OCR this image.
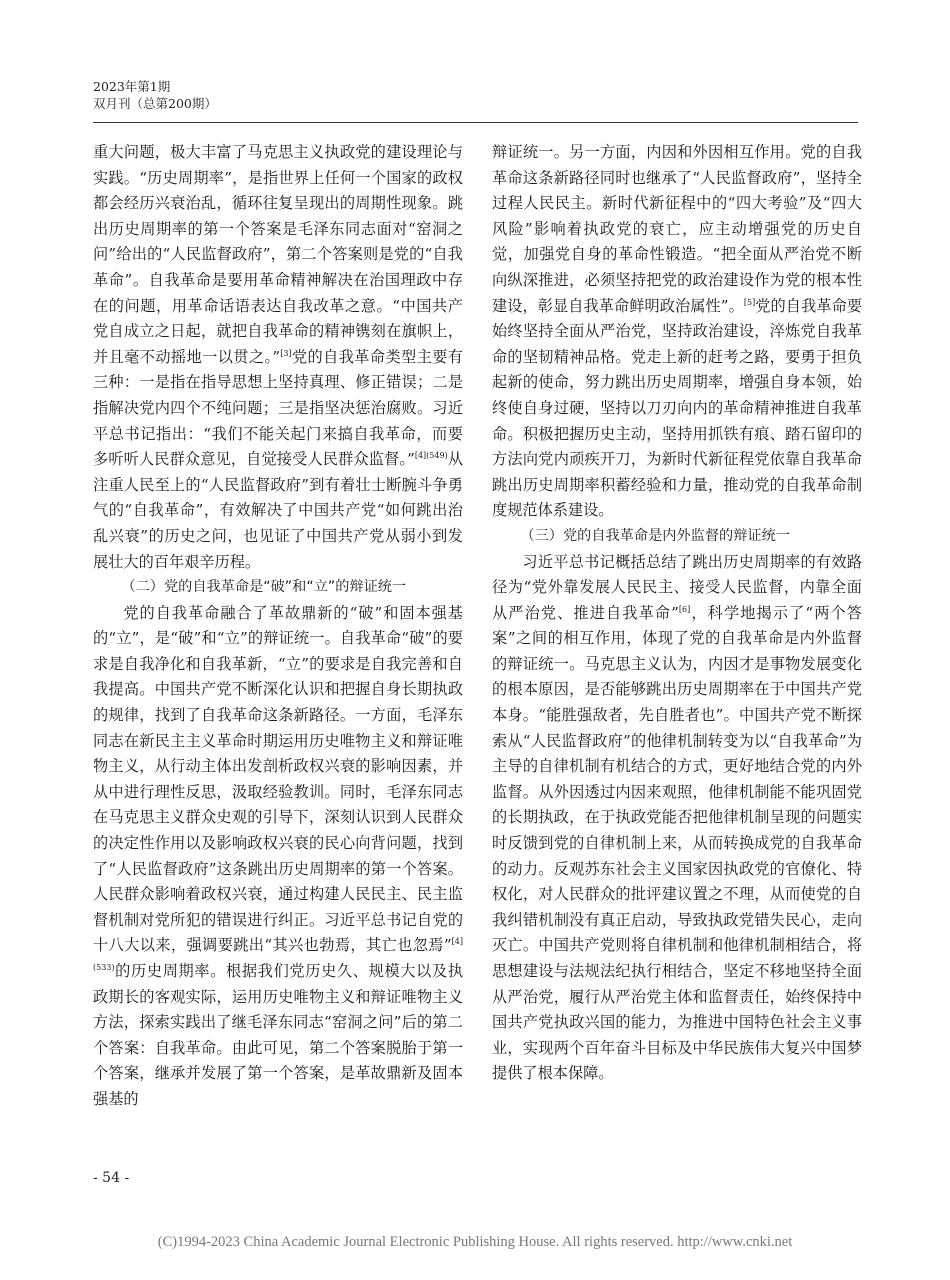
2023年第1期
双月刊（总第200期）

重大问题，极大丰富了马克思主义执政党的建设理论与实践。“历史周期率”，是指世界上任何一个国家的政权都会经历兴衰治乱，循环往复呈现出的周期性现象。跳出历史周期率的第一个答案是毛泽东同志面对“窑洞之问”给出的“人民监督政府”，第二个答案则是党的“自我革命”。自我革命是要用革命精神解决在治国理政中存在的问题，用革命话语表达自我改革之意。“中国共产党自成立之日起，就把自我革命的精神镌刻在旗帜上，并且毫不动摇地一以贯之。”[3]党的自我革命类型主要有三种：一是指在指导思想上坚持真理、修正错误；二是指解决党内四个不纯问题；三是指坚决惩治腐败。习近平总书记指出：“我们不能关起门来搞自我革命，而要多听听人民群众意见，自觉接受人民群众监督。”$^{[4](549)}$从注重人民至上的“人民监督政府”到有着壮士断腕斗争勇气的“自我革命”，有效解决了中国共产党“如何跳出治乱兴衰”的历史之问，也见证了中国共产党从弱小到发展壮大的百年艰辛历程。

（二）党的自我革命是“破”和“立”的辩证统一

党的自我革命融合了革故鼎新的“破”和固本强基的“立”，是“破”和“立”的辩证统一。自我革命“破”的要求是自我净化和自我革新，“立”的要求是自我完善和自我提高。中国共产党不断深化认识和把握自身长期执政的规律，找到了自我革命这条新路径。一方面，毛泽东同志在新民主主义革命时期运用历史唯物主义和辩证唯物主义，从行动主体出发剖析政权兴衰的影响因素，并从中进行理性反思，汲取经验教训。同时，毛泽东同志在马克思主义群众史观的引导下，深刻认识到人民群众的决定性作用以及影响政权兴衰的民心向背问题，找到了“人民监督政府”这条跳出历史周期率的第一个答案。人民群众影响着政权兴衰，通过构建人民民主、民主监督机制对党所犯的错误进行纠正。习近平总书记自党的十八大以来，强调要跳出“其兴也勃焉，其亡也忽焉”$^{[4](533)}$的历史周期率。根据我们党历史久、规模大以及执政期长的客观实际，运用历史唯物主义和辩证唯物主义方法，探索实践出了继毛泽东同志“窑洞之问”后的第二个答案：自我革命。由此可见，第二个答案脱胎于第一个答案，继承并发展了第一个答案，是革故鼎新及固本强基的

辩证统一。另一方面，内因和外因相互作用。党的自我革命这条新路径同时也继承了“人民监督政府”，坚持全过程人民民主。新时代新征程中的“四大考验”及“四大风险”影响着执政党的衰亡，应主动增强党的历史自觉，加强党自身的革命性锻造。“把全面从严治党不断向纵深推进，必须坚持把党的政治建设作为党的根本性建设，彰显自我革命鲜明政治属性”。[5]党的自我革命要始终坚持全面从严治党，坚持政治建设，淬炼党自我革命的坚韧精神品格。党走上新的赶考之路，要勇于担负起新的使命，努力跳出历史周期率，增强自身本领，始终使自身过硬，坚持以刀刃向内的革命精神推进自我革命。积极把握历史主动，坚持用抓铁有痕、踏石留印的方法向党内顽疾开刀，为新时代新征程党依靠自我革命跳出历史周期率积蓄经验和力量，推动党的自我革命制度规范体系建设。

（三）党的自我革命是内外监督的辩证统一

习近平总书记概括总结了跳出历史周期率的有效路径为“党外靠发展人民民主、接受人民监督，内靠全面从严治党、推进自我革命”[6]，科学地揭示了“两个答案”之间的相互作用，体现了党的自我革命是内外监督的辩证统一。马克思主义认为，内因才是事物发展变化的根本原因，是否能够跳出历史周期率在于中国共产党本身。“能胜强敌者，先自胜者也”。中国共产党不断探索从“人民监督政府”的他律机制转变为以“自我革命”为主导的自律机制有机结合的方式，更好地结合党的内外监督。从外因透过内因来观照，他律机制能不能巩固党的长期执政，在于执政党能否把他律机制呈现的问题实时反馈到党的自律机制上来，从而转换成党的自我革命的动力。反观苏东社会主义国家因执政党的官僚化、特权化，对人民群众的批评建议置之不理，从而使党的自我纠错机制没有真正启动，导致执政党错失民心，走向灭亡。中国共产党则将自律机制和他律机制相结合，将思想建设与法规法纪执行相结合，坚定不移地坚持全面从严治党，履行从严治党主体和监督责任，始终保持中国共产党执政兴国的能力，为推进中国特色社会主义事业，实现两个百年奋斗目标及中华民族伟大复兴中国梦提供了根本保障。

- 54 -
(C)1994-2023 China Academic Journal Electronic Publishing House. All rights reserved. http://www.cnki.net
